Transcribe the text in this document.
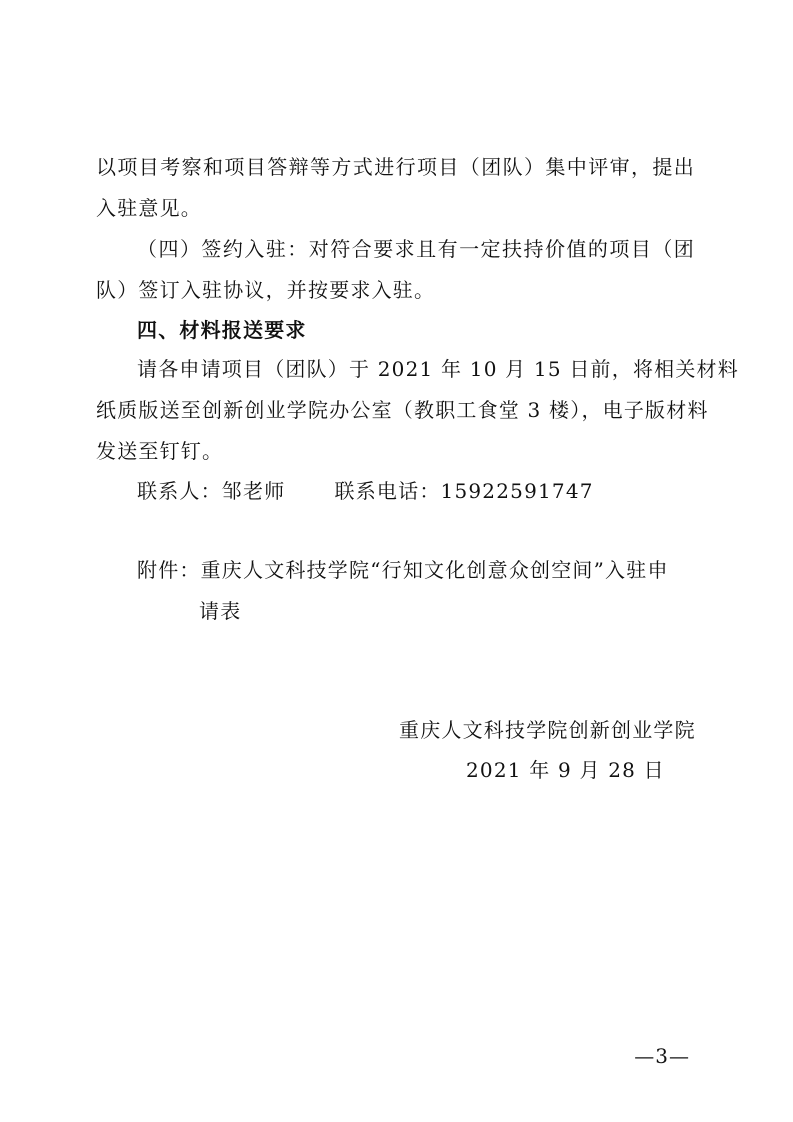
以项目考察和项目答辩等方式进行项目（团队）集中评审，提出
入驻意见。
（四）签约入驻：对符合要求且有一定扶持价值的项目（团
队）签订入驻协议，并按要求入驻。
四、材料报送要求
请各申请项目（团队）于 2021 年 10 月 15 日前，将相关材料
纸质版送至创新创业学院办公室（教职工食堂 3 楼），电子版材料
发送至钉钉。
联系人：邹老师 联系电话：15922591747
附件：重庆人文科技学院“行知文化创意众创空间”入驻申
请表
重庆人文科技学院创新创业学院
2021 年 9 月 28 日
—3—
